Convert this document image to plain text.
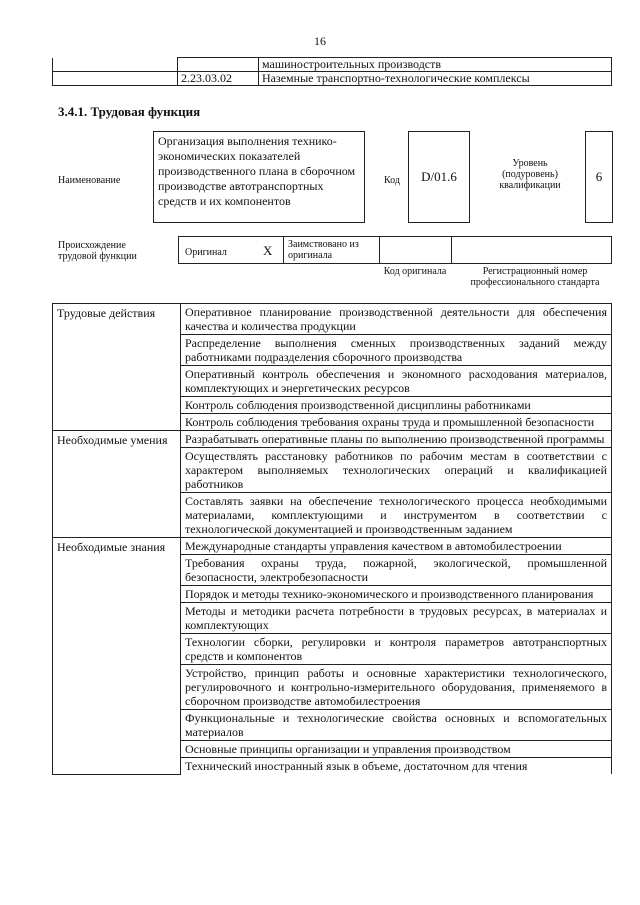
16
		машиностроительных производств
	2.23.03.02	Наземные транспортно-технологические комплексы
3.4.1. Трудовая функция
Наименование
Организация выполнения технико-экономических показателей производственного плана в сборочном производстве автотранспортных средств и их компонентов
Код	D/01.6
Уровень (подуровень) квалификации
6
Происхождение трудовой функции	Оригинал	X Заимствовано из оригинала
Код оригинала	Регистрационный номер профессионального стандарта
Трудовые действия	Оперативное планирование производственной деятельности для обеспечения качества и количества продукции
	Распределение выполнения сменных производственных заданий между работниками подразделения сборочного производства
	Оперативный контроль обеспечения и экономного расходования материалов, комплектующих и энергетических ресурсов
	Контроль соблюдения производственной дисциплины работниками
	Контроль соблюдения требования охраны труда и промышленной безопасности
Необходимые умения	Разрабатывать оперативные планы по выполнению производственной программы
	Осуществлять расстановку работников по рабочим местам в соответствии с характером выполняемых технологических операций и квалификацией работников
	Составлять заявки на обеспечение технологического процесса необходимыми материалами, комплектующими и инструментом в соответствии с технологической документацией и производственным заданием
Необходимые знания	Международные стандарты управления качеством в автомобилестроении
	Требования охраны труда, пожарной, экологической, промышленной безопасности, электробезопасности
	Порядок и методы технико-экономического и производственного планирования
	Методы и методики расчета потребности в трудовых ресурсах, в материалах и комплектующих
	Технологии сборки, регулировки и контроля параметров автотранспортных средств и компонентов
	Устройство, принцип работы и основные характеристики технологического, регулировочного и контрольно-измерительного оборудования, применяемого в сборочном производстве автомобилестроения
	Функциональные и технологические свойства основных и вспомогательных материалов
	Основные принципы организации и управления производством
	Технический иностранный язык в объеме, достаточном для чтения
